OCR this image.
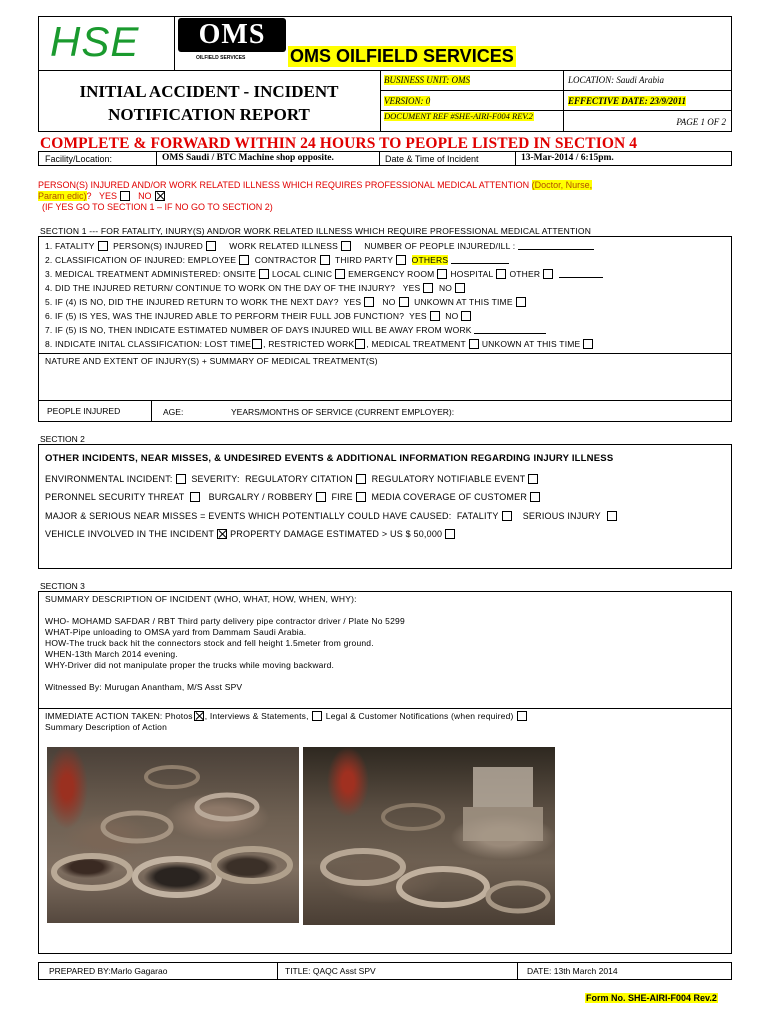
HSE	OMS
OILFIELD SERVICES	OMS OILFIELD SERVICES
INITIAL ACCIDENT - INCIDENT
NOTIFICATION REPORT
BUSINESS UNIT: OMS	LOCATION: Saudi Arabia
VERSION: 0	EFFECTIVE DATE: 23/9/2011
DOCUMENT REF #SHE-AIRI-F004 REV.2
PAGE 1 OF 2
COMPLETE & FORWARD WITHIN 24 HOURS TO PEOPLE LISTED IN SECTION 4
Facility/Location:	OMS Saudi / BTC Machine shop opposite.	Date & Time of Incident	13-Mar-2014 / 6:15pm.
PERSON(S) INJURED AND/OR WORK RELATED ILLNESS WHICH REQUIRES PROFESSIONAL MEDICAL ATTENTION (Doctor, Nurse,
Param edic)?   YES NO
(IF YES GO TO SECTION 1 – IF NO GO TO SECTION 2)
SECTION 1 --- FOR FATALITY, INURY(S) AND/OR WORK RELATED ILLNESS WHICH REQUIRE PROFESSIONAL MEDICAL ATTENTION
1. FATALITY PERSON(S) INJURED	WORK RELATED ILLNESS	NUMBER OF PEOPLE INJURED/ILL :
2. CLASSIFICATION OF INJURED: EMPLOYEE CONTRACTOR THIRD PARTY OTHERS
3. MEDICAL TREATMENT ADMINISTERED: ONSITE LOCAL CLINIC EMERGENCY ROOM HOSPITAL OTHER
4. DID THE INJURED RETURN/ CONTINUE TO WORK ON THE DAY OF THE INJURY? YES NO
5. IF (4) IS NO, DID THE INJURED RETURN TO WORK THE NEXT DAY? YES NO UNKOWN AT THIS TIME
6. IF (5) IS YES, WAS THE INJURED ABLE TO PERFORM THEIR FULL JOB FUNCTION? YES NO
7. IF (5) IS NO, THEN INDICATE ESTIMATED NUMBER OF DAYS INJURED WILL BE AWAY FROM WORK
8. INDICATE INITAL CLASSIFICATION: LOST TIME , RESTRICTED WORK , MEDICAL TREATMENT UNKOWN AT THIS TIME
NATURE AND EXTENT OF INJURY(S) + SUMMARY OF MEDICAL TREATMENT(S)
PEOPLE INJURED	AGE:	YEARS/MONTHS OF SERVICE (CURRENT EMPLOYER):
SECTION 2
OTHER INCIDENTS, NEAR MISSES, & UNDESIRED EVENTS & ADDITIONAL INFORMATION REGARDING INJURY ILLNESS
ENVIRONMENTAL INCIDENT: SEVERITY: REGULATORY CITATION REGULATORY NOTIFIABLE EVENT
PERONNEL SECURITY THREAT	BURGALRY / ROBBERY FIRE MEDIA COVERAGE OF CUSTOMER
MAJOR & SERIOUS NEAR MISSES = EVENTS WHICH POTENTIALLY COULD HAVE CAUSED: FATALITY	SERIOUS INJURY
VEHICLE INVOLVED IN THE INCIDENT PROPERTY DAMAGE ESTIMATED > US $ 50,000
SECTION 3
SUMMARY DESCRIPTION OF INCIDENT (WHO, WHAT, HOW, WHEN, WHY):
WHO- MOHAMD SAFDAR / RBT Third party delivery pipe contractor driver / Plate No 5299
WHAT-Pipe unloading to OMSA yard from Dammam Saudi Arabia.
HOW-The truck back hit the connectors stock and fell height 1.5meter from ground.
WHEN-13th March 2014 evening.
WHY-Driver did not manipulate proper the trucks while moving backward.
Witnessed By: Murugan Anantham, M/S Asst SPV
IMMEDIATE ACTION TAKEN: Photos , Interviews & Statements, Legal & Customer Notifications (when required)
Summary Description of Action
PREPARED BY:Marlo Gagarao	TITLE: QAQC Asst SPV	DATE: 13th March 2014
Form No. SHE-AIRI-F004 Rev.2
